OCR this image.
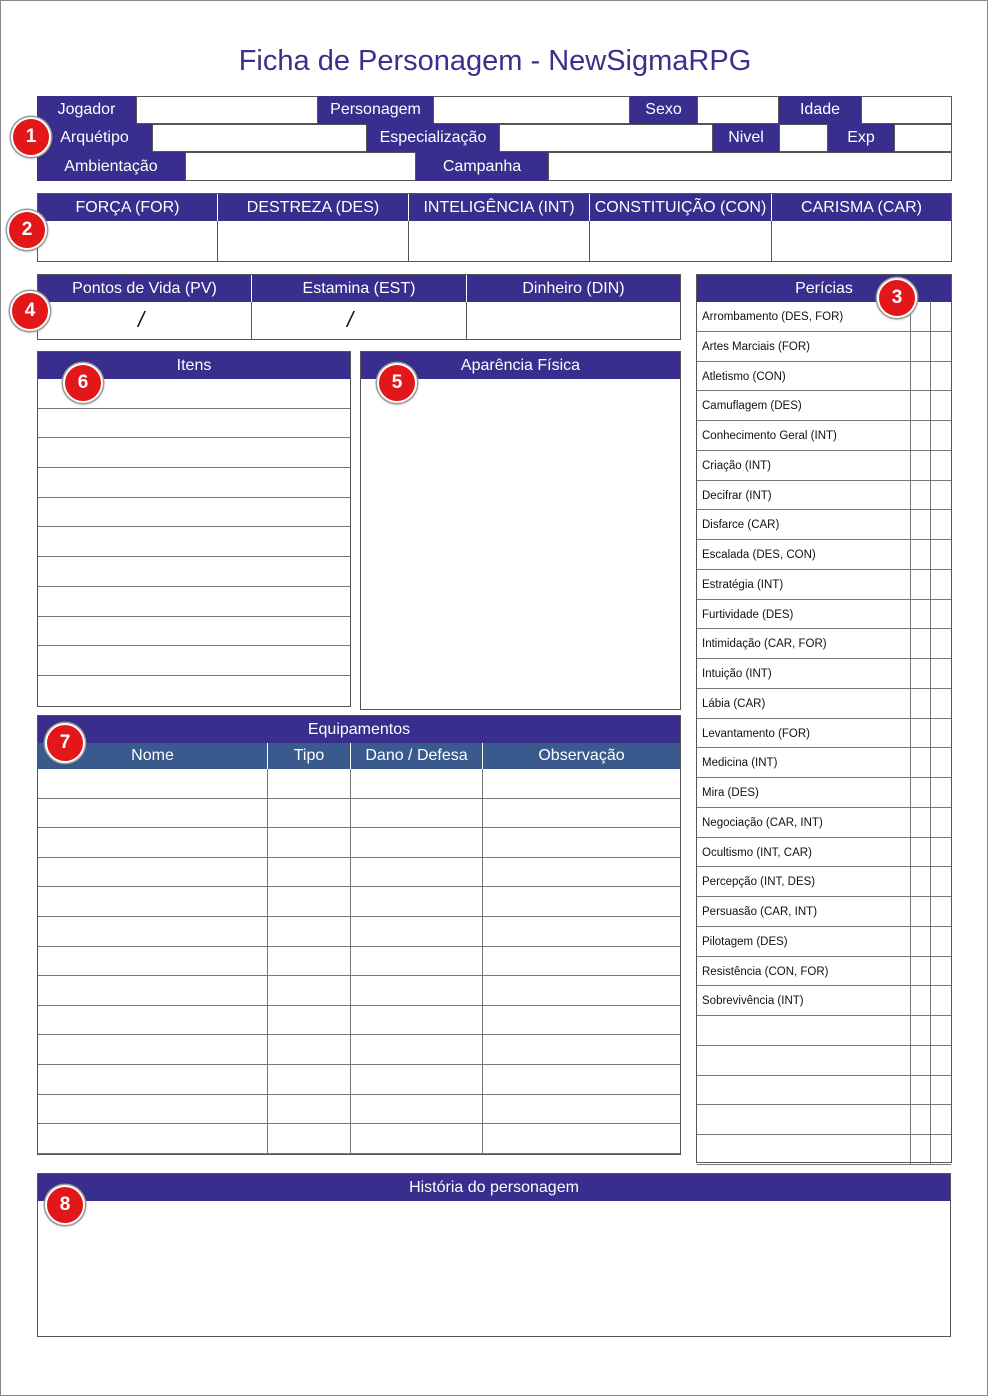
Ficha de Personagem - NewSigmaRPG
Jogador	Personagem	Sexo	Idade
Arquétipo	Especialização	Nivel	Exp
Ambientação	Campanha
1
FORÇA (FOR)	DESTREZA (DES)	INTELIGÊNCIA (INT)	CONSTITUIÇÃO (CON)	CARISMA (CAR)
2
Pontos de Vida (PV)	Estamina (EST)	Dinheiro (DIN)
/	/
4
Perícias	3
Arrombamento (DES, FOR)
Artes Marciais (FOR)
Atletismo (CON)
Camuflagem (DES)
Conhecimento Geral (INT)
Criação (INT)
Decifrar (INT)
Disfarce (CAR)
Escalada (DES, CON)
Estratégia (INT)
Furtividade (DES)
Intimidação (CAR, FOR)
Intuição (INT)
Lábia (CAR)
Levantamento (FOR)
Medicina (INT)
Mira (DES)
Negociação (CAR, INT)
Ocultismo (INT, CAR)
Percepção (INT, DES)
Persuasão (CAR, INT)
Pilotagem (DES)
Resistência (CON, FOR)
Sobrevivência (INT)
Itens
6
Aparência Física
5
Equipamentos
Nome	Tipo	Dano / Defesa	Observação
7
História do personagem
8
